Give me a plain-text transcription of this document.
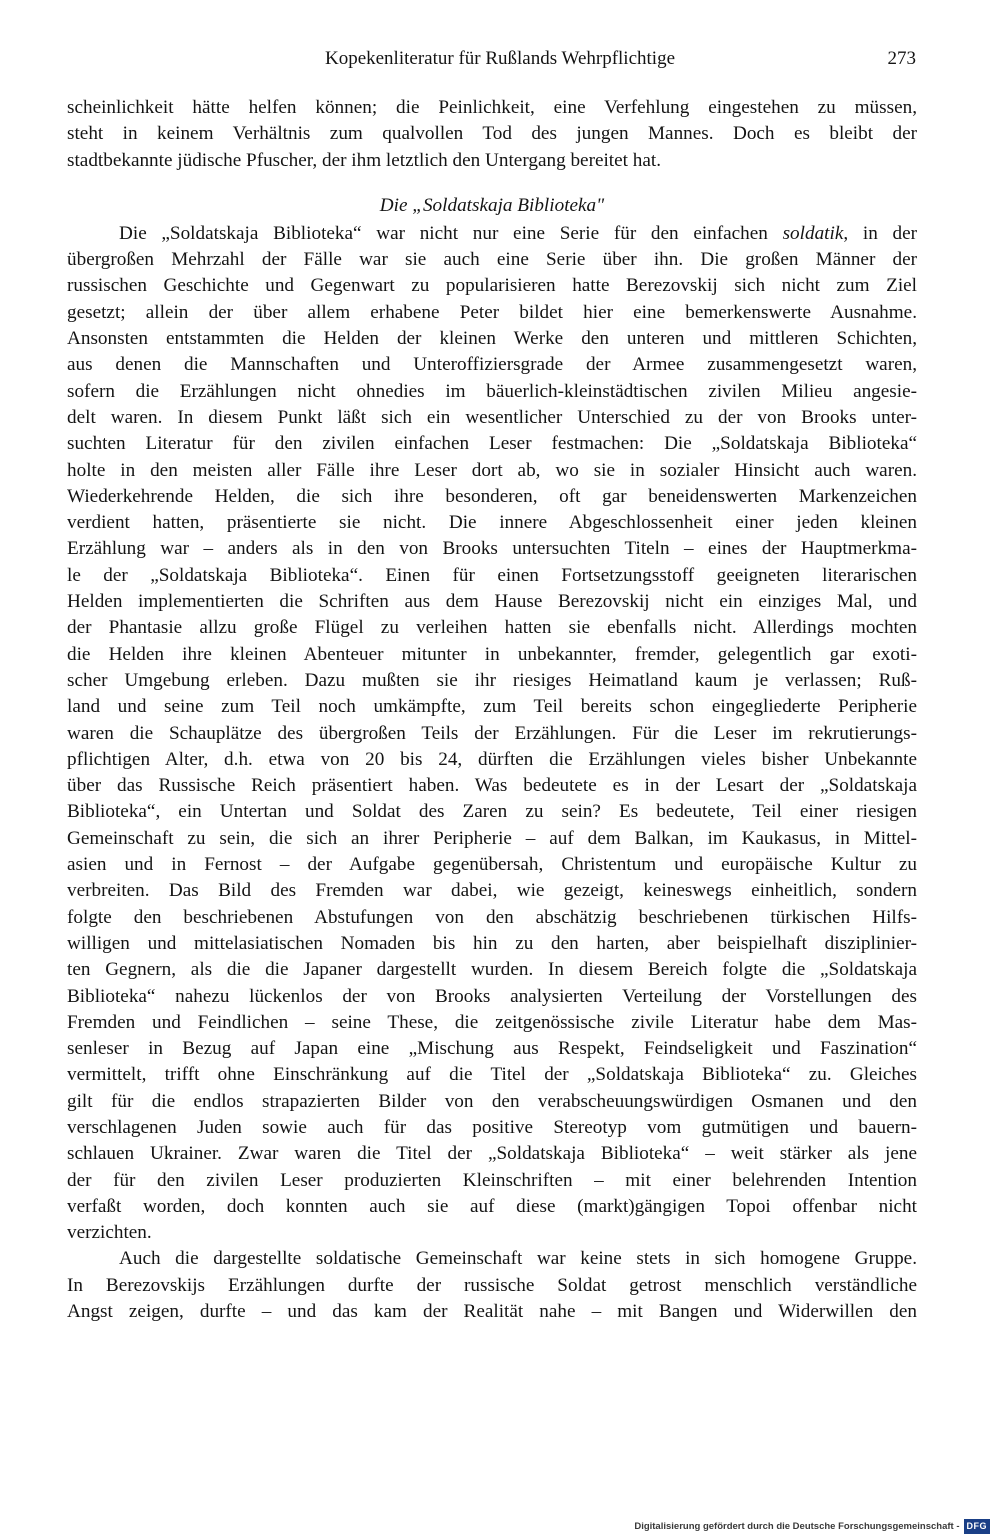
Kopekenliteratur für Rußlands Wehrpflichtige	273

scheinlichkeit hätte helfen können; die Peinlichkeit, eine Verfehlung eingestehen zu müssen,
steht in keinem Verhältnis zum qualvollen Tod des jungen Mannes. Doch es bleibt der
stadtbekannte jüdische Pfuscher, der ihm letztlich den Untergang bereitet hat.

Die „Soldatskaja Biblioteka"

Die „Soldatskaja Biblioteka“ war nicht nur eine Serie für den einfachen soldatik, in der
übergroßen Mehrzahl der Fälle war sie auch eine Serie über ihn. Die großen Männer der
russischen Geschichte und Gegenwart zu popularisieren hatte Berezovskij sich nicht zum Ziel
gesetzt; allein der über allem erhabene Peter bildet hier eine bemerkenswerte Ausnahme.
Ansonsten entstammten die Helden der kleinen Werke den unteren und mittleren Schichten,
aus denen die Mannschaften und Unteroffiziersgrade der Armee zusammengesetzt waren,
sofern die Erzählungen nicht ohnedies im bäuerlich-kleinstädtischen zivilen Milieu angesie-
delt waren. In diesem Punkt läßt sich ein wesentlicher Unterschied zu der von Brooks unter-
suchten Literatur für den zivilen einfachen Leser festmachen: Die „Soldatskaja Biblioteka“
holte in den meisten aller Fälle ihre Leser dort ab, wo sie in sozialer Hinsicht auch waren.
Wiederkehrende Helden, die sich ihre besonderen, oft gar beneidenswerten Markenzeichen
verdient hatten, präsentierte sie nicht. Die innere Abgeschlossenheit einer jeden kleinen
Erzählung war – anders als in den von Brooks untersuchten Titeln – eines der Hauptmerkma-
le der „Soldatskaja Biblioteka“. Einen für einen Fortsetzungsstoff geeigneten literarischen
Helden implementierten die Schriften aus dem Hause Berezovskij nicht ein einziges Mal, und
der Phantasie allzu große Flügel zu verleihen hatten sie ebenfalls nicht. Allerdings mochten
die Helden ihre kleinen Abenteuer mitunter in unbekannter, fremder, gelegentlich gar exoti-
scher Umgebung erleben. Dazu mußten sie ihr riesiges Heimatland kaum je verlassen; Ruß-
land und seine zum Teil noch umkämpfte, zum Teil bereits schon eingegliederte Peripherie
waren die Schauplätze des übergroßen Teils der Erzählungen. Für die Leser im rekrutierungs-
pflichtigen Alter, d.h. etwa von 20 bis 24, dürften die Erzählungen vieles bisher Unbekannte
über das Russische Reich präsentiert haben. Was bedeutete es in der Lesart der „Soldatskaja
Biblioteka“, ein Untertan und Soldat des Zaren zu sein? Es bedeutete, Teil einer riesigen
Gemeinschaft zu sein, die sich an ihrer Peripherie – auf dem Balkan, im Kaukasus, in Mittel-
asien und in Fernost – der Aufgabe gegenübersah, Christentum und europäische Kultur zu
verbreiten. Das Bild des Fremden war dabei, wie gezeigt, keineswegs einheitlich, sondern
folgte den beschriebenen Abstufungen von den abschätzig beschriebenen türkischen Hilfs-
willigen und mittelasiatischen Nomaden bis hin zu den harten, aber beispielhaft disziplinier-
ten Gegnern, als die die Japaner dargestellt wurden. In diesem Bereich folgte die „Soldatskaja
Biblioteka“ nahezu lückenlos der von Brooks analysierten Verteilung der Vorstellungen des
Fremden und Feindlichen – seine These, die zeitgenössische zivile Literatur habe dem Mas-
senleser in Bezug auf Japan eine „Mischung aus Respekt, Feindseligkeit und Faszination“
vermittelt, trifft ohne Einschränkung auf die Titel der „Soldatskaja Biblioteka“ zu. Gleiches
gilt für die endlos strapazierten Bilder von den verabscheuungswürdigen Osmanen und den
verschlagenen Juden sowie auch für das positive Stereotyp vom gutmütigen und bauern-
schlauen Ukrainer. Zwar waren die Titel der „Soldatskaja Biblioteka“ – weit stärker als jene
der für den zivilen Leser produzierten Kleinschriften – mit einer belehrenden Intention
verfaßt worden, doch konnten auch sie auf diese (markt)gängigen Topoi offenbar nicht
verzichten.

Auch die dargestellte soldatische Gemeinschaft war keine stets in sich homogene Gruppe.
In Berezovskijs Erzählungen durfte der russische Soldat getrost menschlich verständliche
Angst zeigen, durfte – und das kam der Realität nahe – mit Bangen und Widerwillen den

Digitalisierung gefördert durch die Deutsche Forschungsgemeinschaft - DFG
